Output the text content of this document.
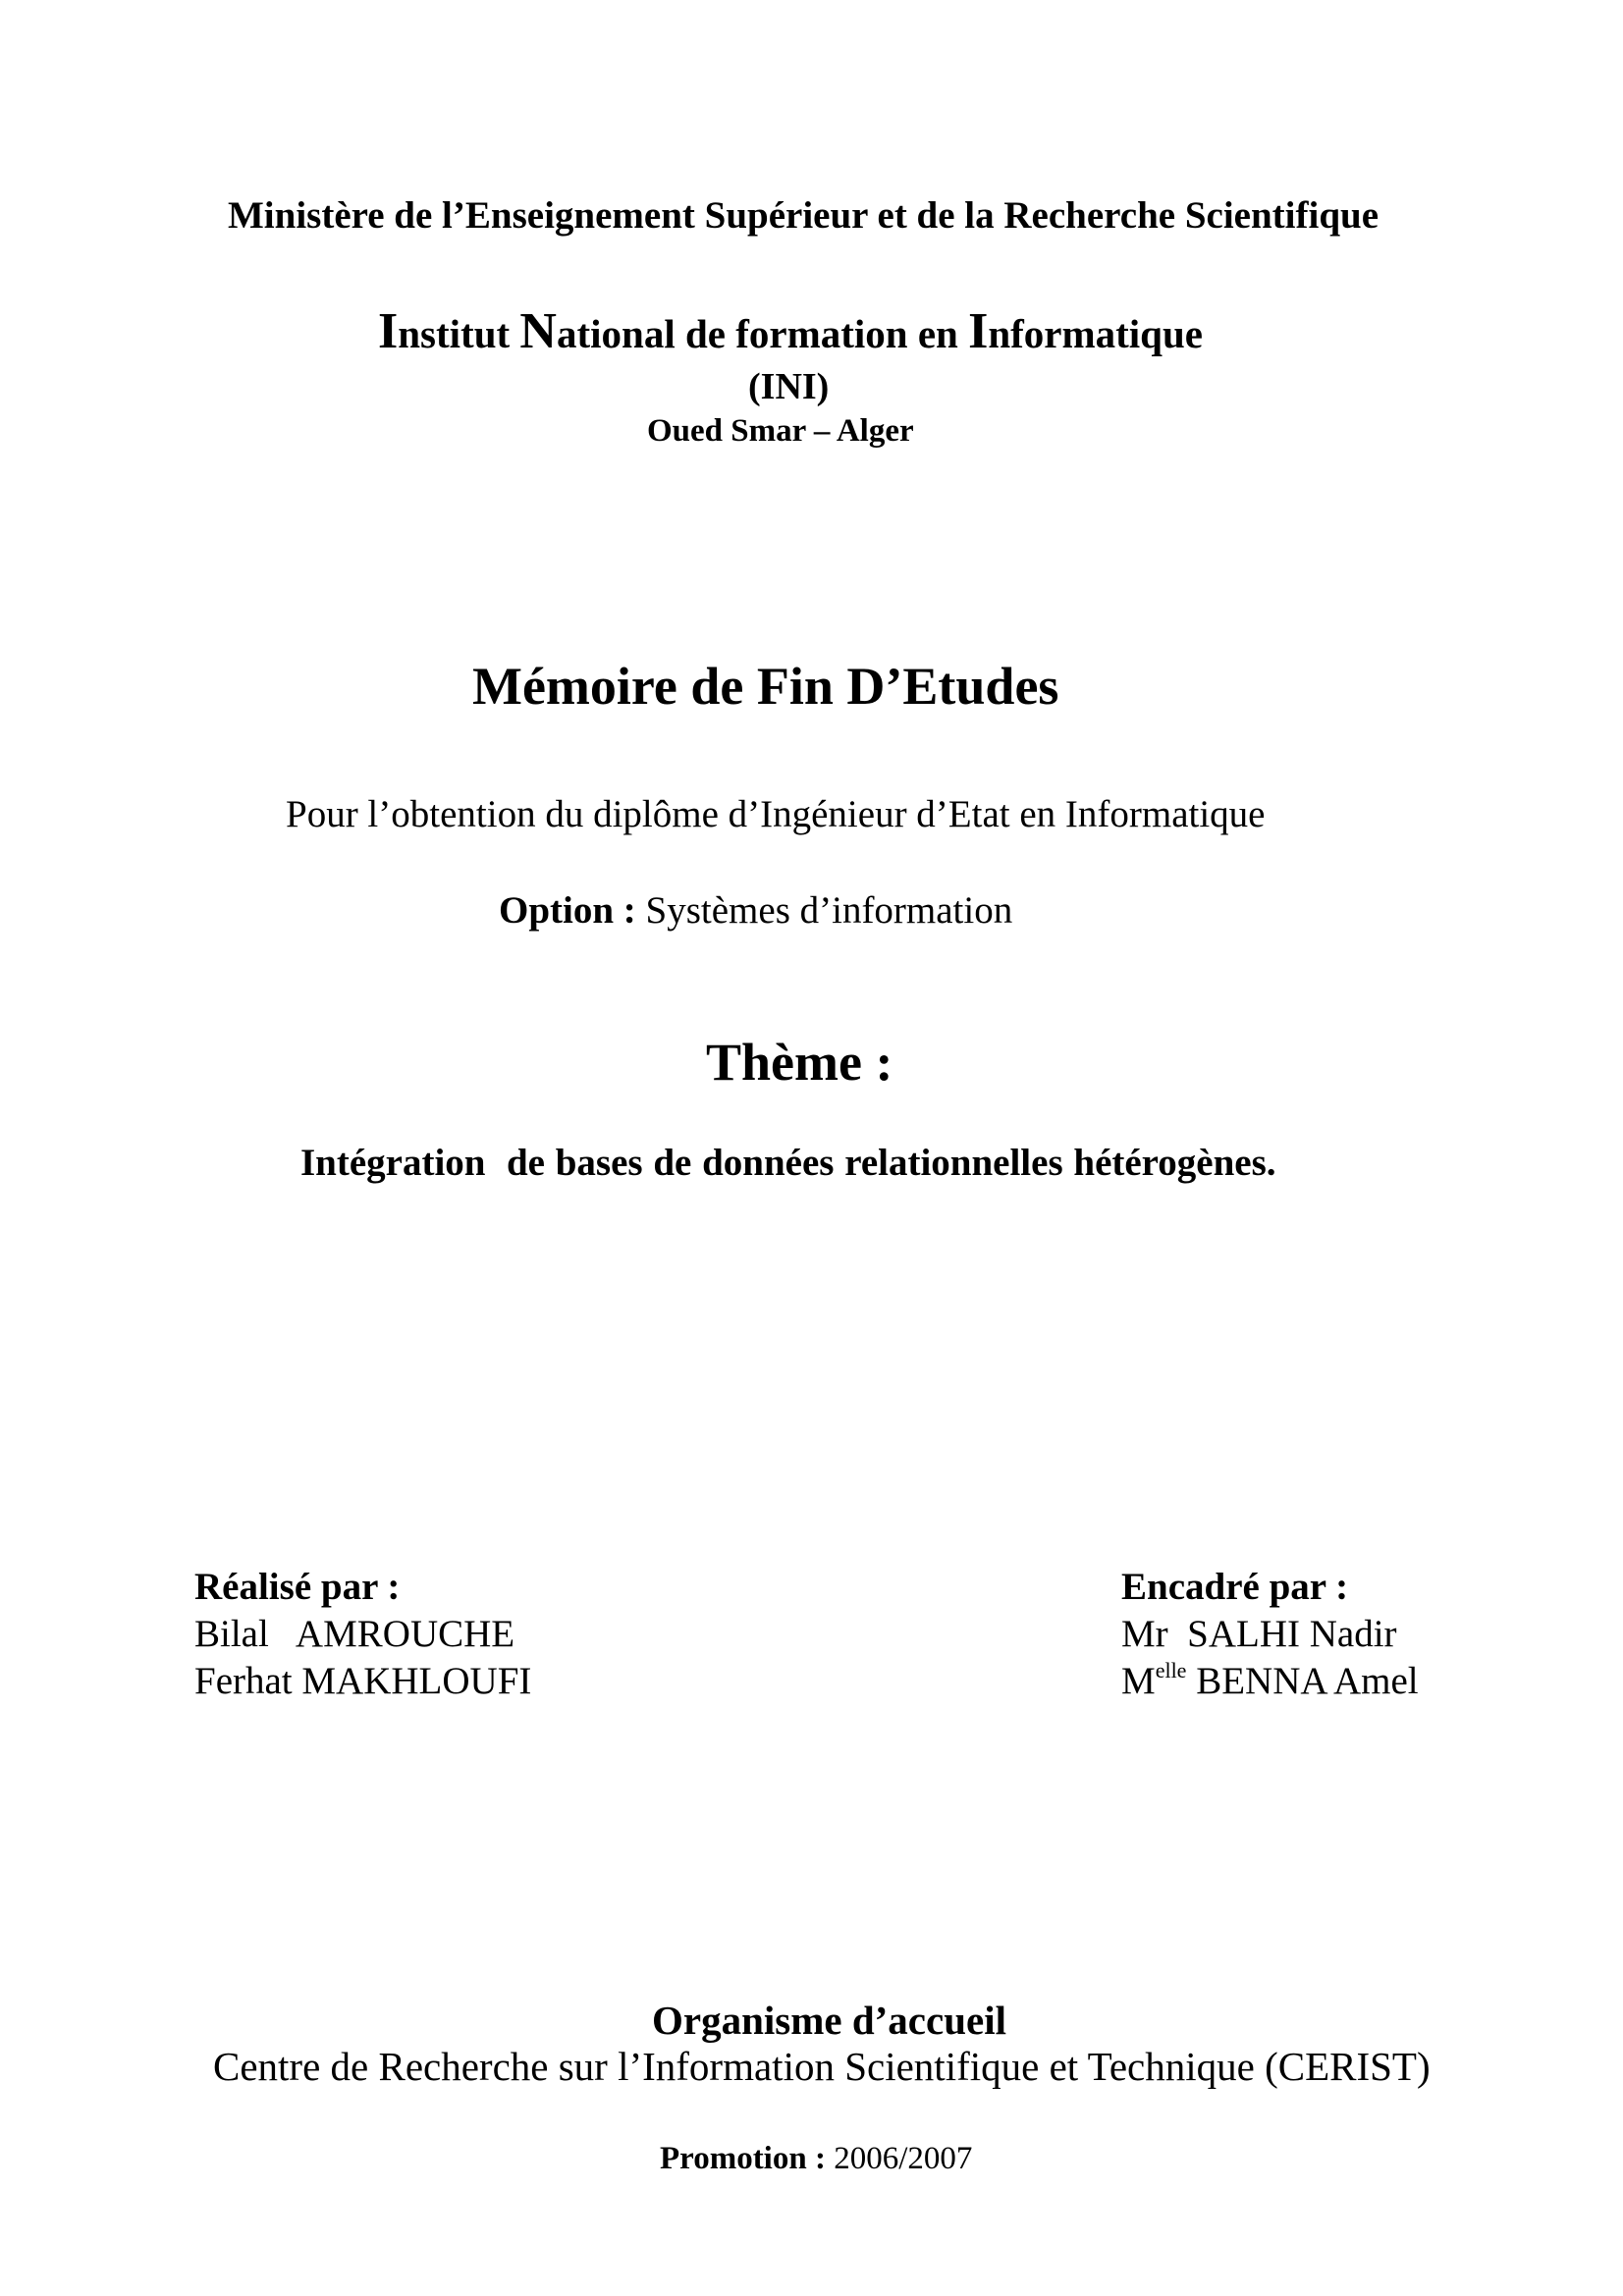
Ministère de l’Enseignement Supérieur et de la Recherche Scientifique
Institut National de formation en Informatique
(INI)
Oued Smar – Alger
Mémoire de Fin D’Etudes
Pour l’obtention du diplôme d’Ingénieur d’Etat en Informatique
Option : Systèmes d’information
Thème :
Intégration  de bases de données relationnelles hétérogènes.
Réalisé par :
Bilal   AMROUCHE
Ferhat MAKHLOUFI
Encadré par :
Mr  SALHI Nadir
$M^{elle}$ BENNA Amel
Organisme d’accueil
Centre de Recherche sur l’Information Scientifique et Technique (CERIST)
Promotion : 2006/2007
